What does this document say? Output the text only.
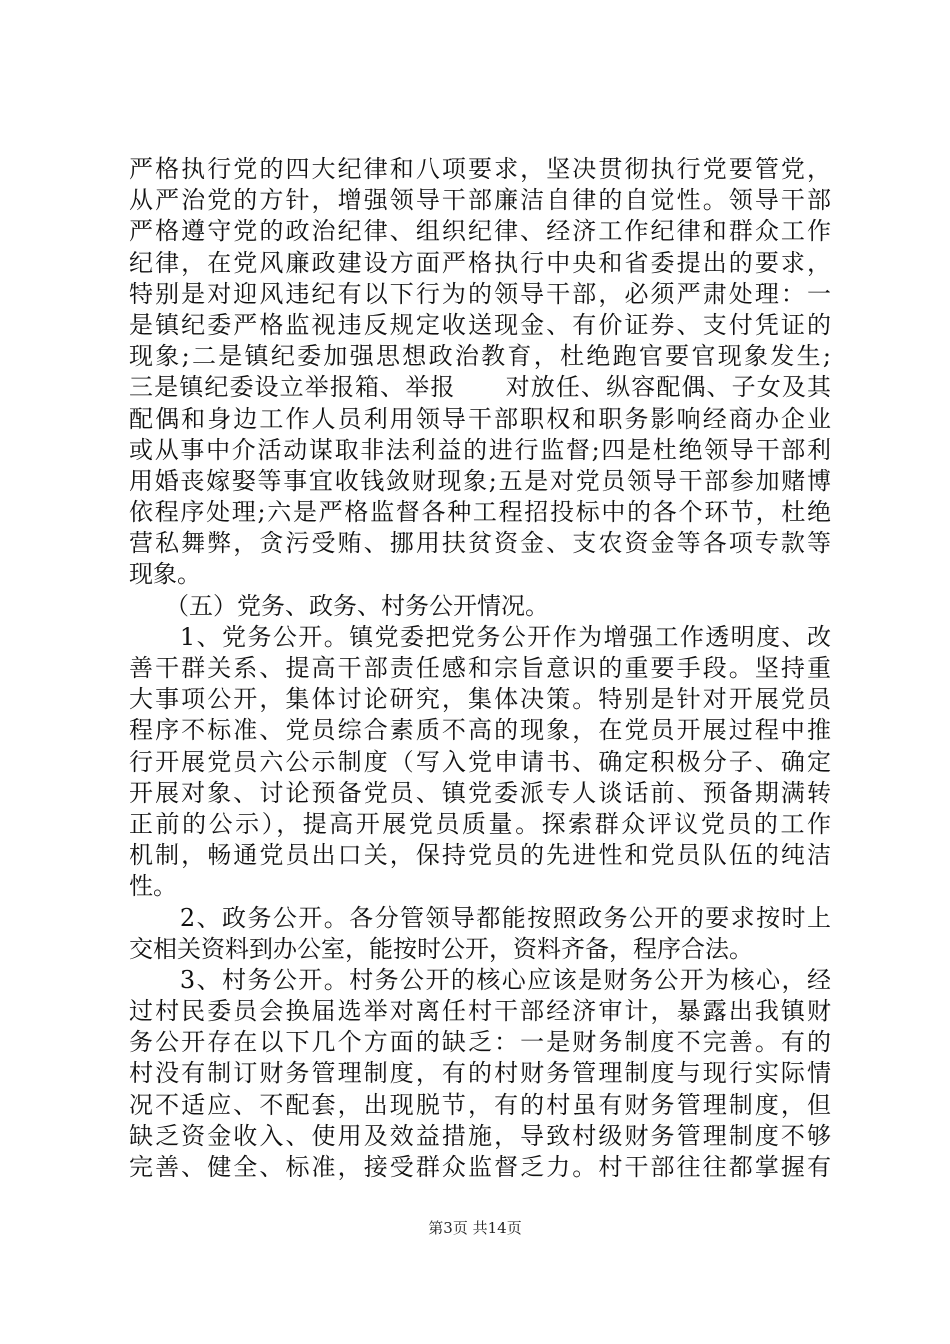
严格执行党的四大纪律和八项要求，坚决贯彻执行党要管党，
从严治党的方针，增强领导干部廉洁自律的自觉性。领导干部
严格遵守党的政治纪律、组织纪律、经济工作纪律和群众工作
纪律，在党风廉政建设方面严格执行中央和省委提出的要求，
特别是对迎风违纪有以下行为的领导干部，必须严肃处理：一
是镇纪委严格监视违反规定收送现金、有价证券、支付凭证的
现象;二是镇纪委加强思想政治教育，杜绝跑官要官现象发生;
三是镇纪委设立举报箱、举报　　对放任、纵容配偶、子女及其
配偶和身边工作人员利用领导干部职权和职务影响经商办企业
或从事中介活动谋取非法利益的进行监督;四是杜绝领导干部利
用婚丧嫁娶等事宜收钱敛财现象;五是对党员领导干部参加赌博
依程序处理;六是严格监督各种工程招投标中的各个环节，杜绝
营私舞弊，贪污受贿、挪用扶贫资金、支农资金等各项专款等
现象。
　　（五）党务、政务、村务公开情况。
　　1、党务公开。镇党委把党务公开作为增强工作透明度、改
善干群关系、提高干部责任感和宗旨意识的重要手段。坚持重
大事项公开，集体讨论研究，集体决策。特别是针对开展党员
程序不标准、党员综合素质不高的现象，在党员开展过程中推
行开展党员六公示制度（写入党申请书、确定积极分子、确定
开展对象、讨论预备党员、镇党委派专人谈话前、预备期满转
正前的公示），提高开展党员质量。探索群众评议党员的工作
机制，畅通党员出口关，保持党员的先进性和党员队伍的纯洁
性。
　　2、政务公开。各分管领导都能按照政务公开的要求按时上
交相关资料到办公室，能按时公开，资料齐备，程序合法。
　　3、村务公开。村务公开的核心应该是财务公开为核心，经
过村民委员会换届选举对离任村干部经济审计，暴露出我镇财
务公开存在以下几个方面的缺乏：一是财务制度不完善。有的
村没有制订财务管理制度，有的村财务管理制度与现行实际情
况不适应、不配套，出现脱节，有的村虽有财务管理制度，但
缺乏资金收入、使用及效益措施，导致村级财务管理制度不够
完善、健全、标准，接受群众监督乏力。村干部往往都掌握有
第3页 共14页
